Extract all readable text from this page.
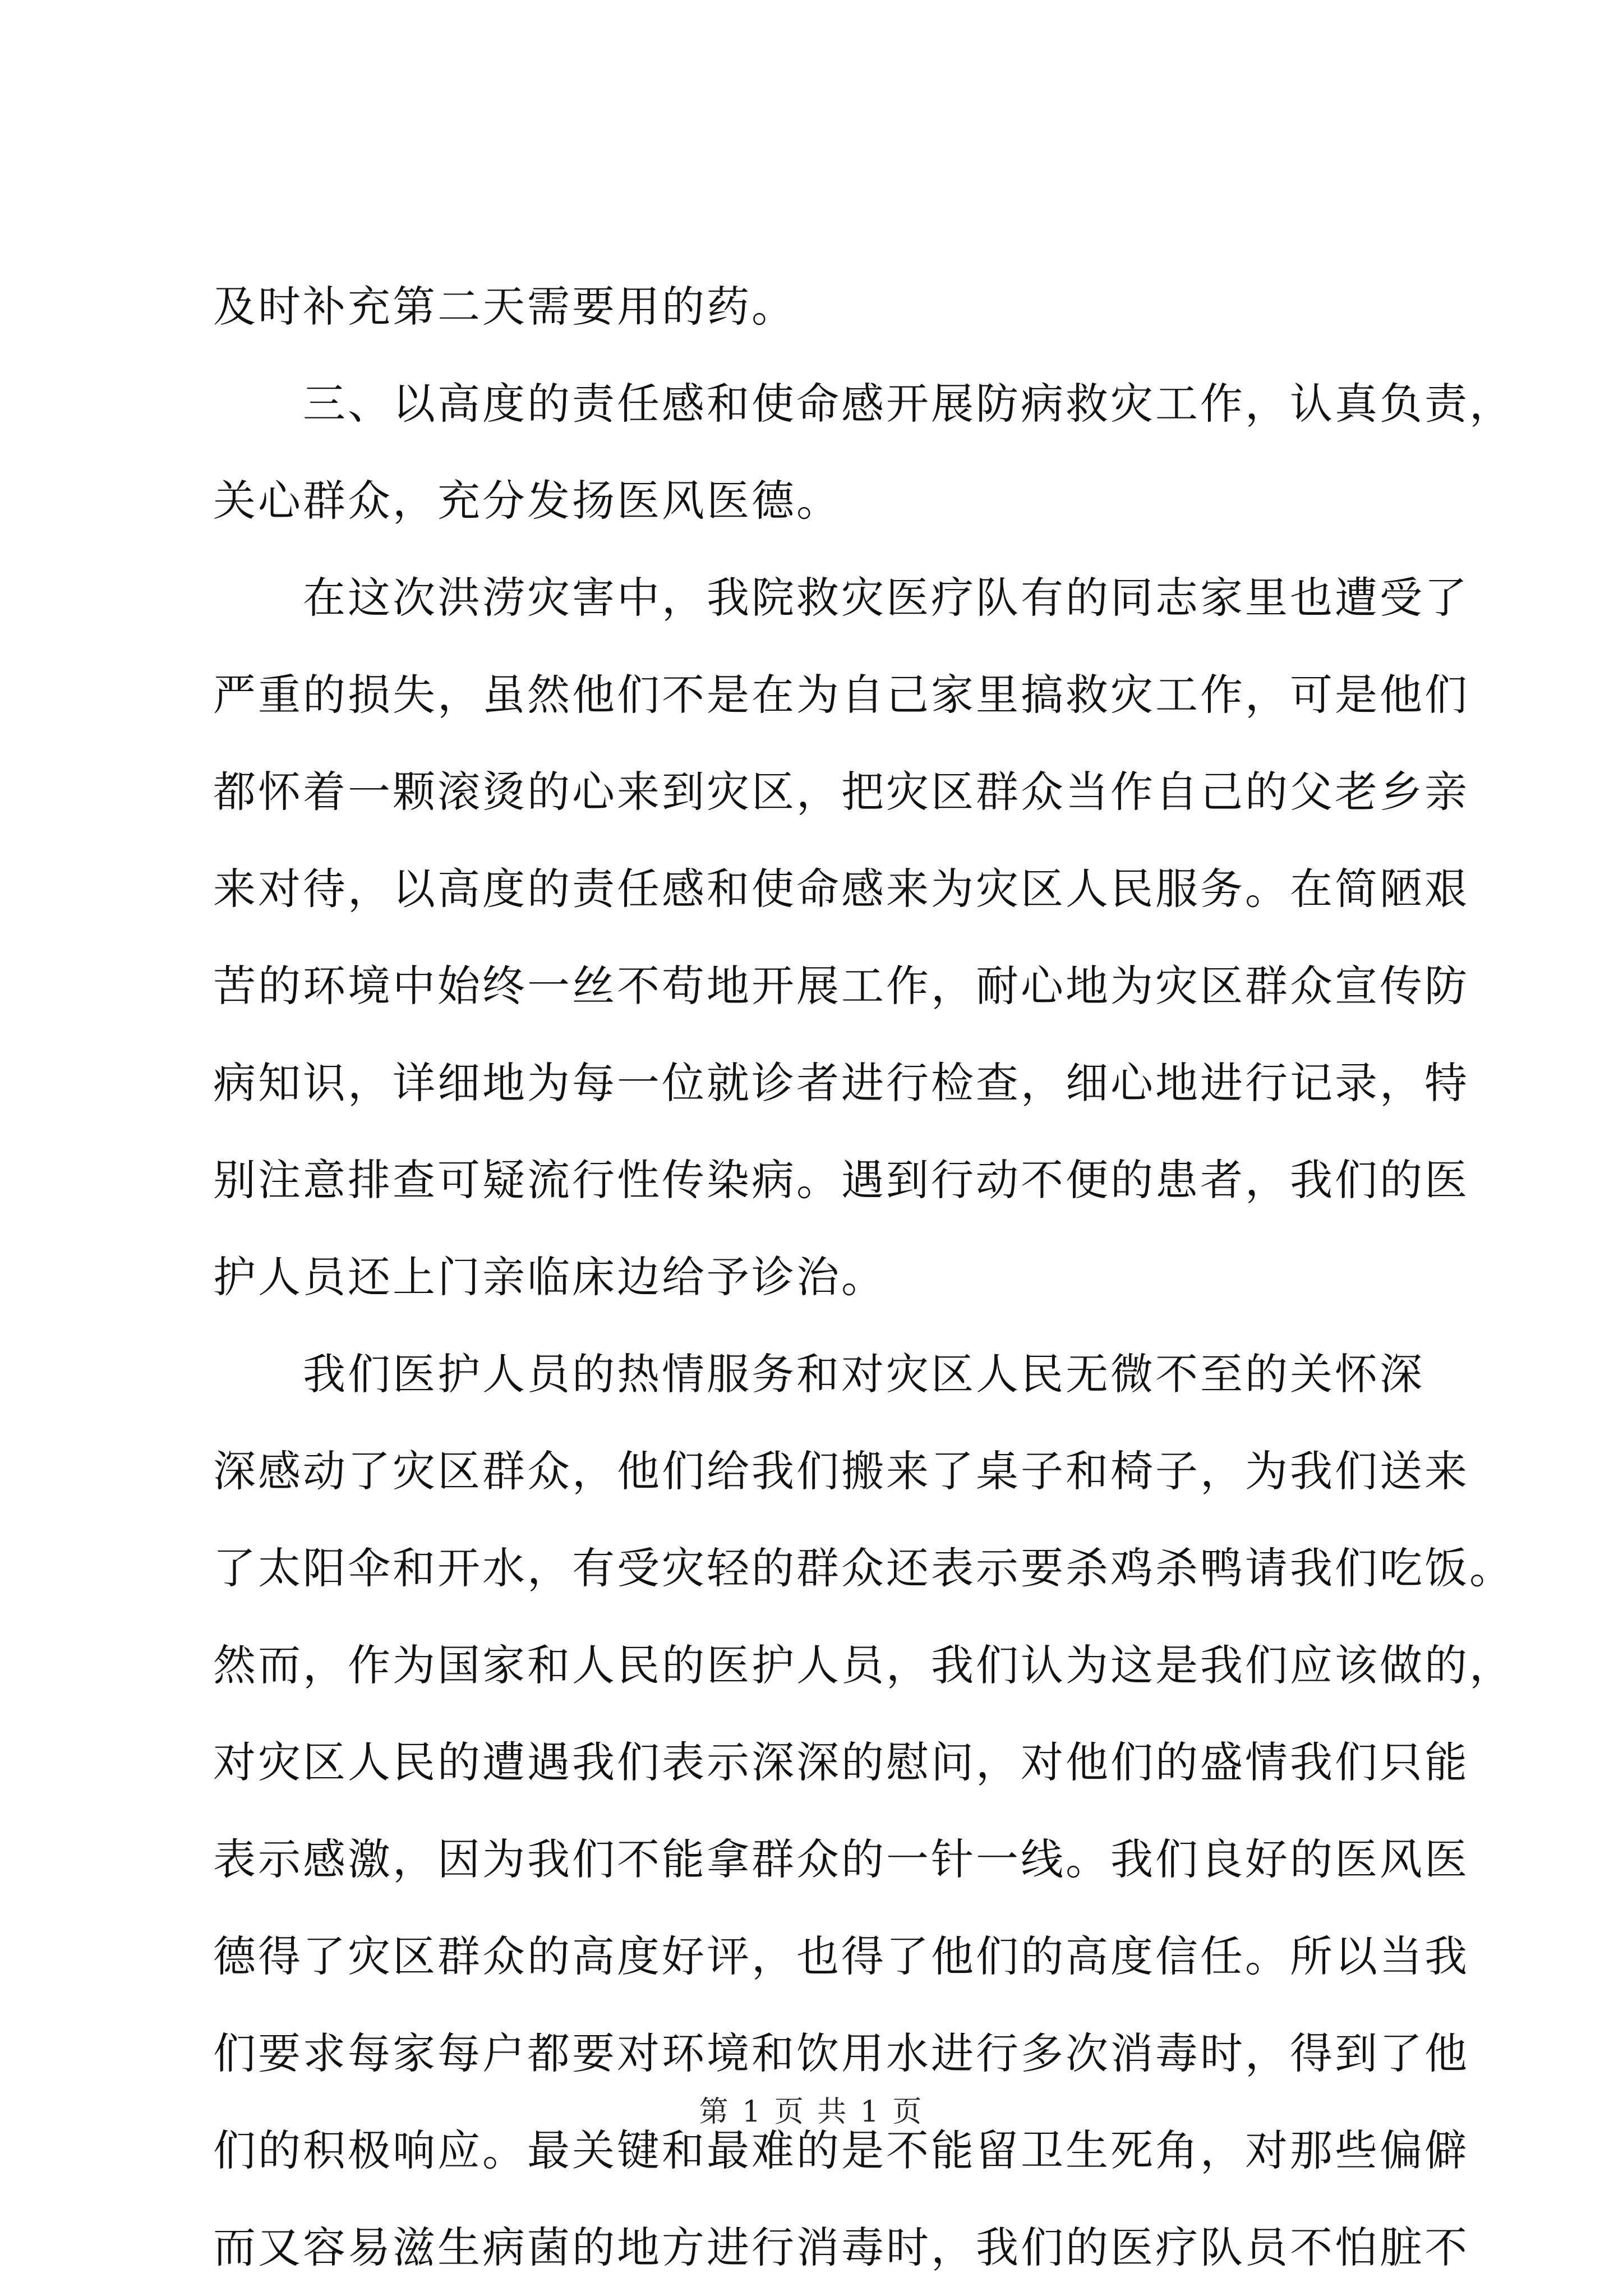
及时补充第二天需要用的药。
三、以高度的责任感和使命感开展防病救灾工作，认真负责，
关心群众，充分发扬医风医德。
在这次洪涝灾害中，我院救灾医疗队有的同志家里也遭受了
严重的损失，虽然他们不是在为自己家里搞救灾工作，可是他们
都怀着一颗滚烫的心来到灾区，把灾区群众当作自己的父老乡亲
来对待，以高度的责任感和使命感来为灾区人民服务。在简陋艰
苦的环境中始终一丝不苟地开展工作，耐心地为灾区群众宣传防
病知识，详细地为每一位就诊者进行检查，细心地进行记录，特
别注意排查可疑流行性传染病。遇到行动不便的患者，我们的医
护人员还上门亲临床边给予诊治。
我们医护人员的热情服务和对灾区人民无微不至的关怀深
深感动了灾区群众，他们给我们搬来了桌子和椅子，为我们送来
了太阳伞和开水，有受灾轻的群众还表示要杀鸡杀鸭请我们吃饭。
然而，作为国家和人民的医护人员，我们认为这是我们应该做的，
对灾区人民的遭遇我们表示深深的慰问，对他们的盛情我们只能
表示感激，因为我们不能拿群众的一针一线。我们良好的医风医
德得了灾区群众的高度好评，也得了他们的高度信任。所以当我
们要求每家每户都要对环境和饮用水进行多次消毒时，得到了他
们的积极响应。最关键和最难的是不能留卫生死角，对那些偏僻
而又容易滋生病菌的地方进行消毒时，我们的医疗队员不怕脏不
第 1 页 共 1 页
